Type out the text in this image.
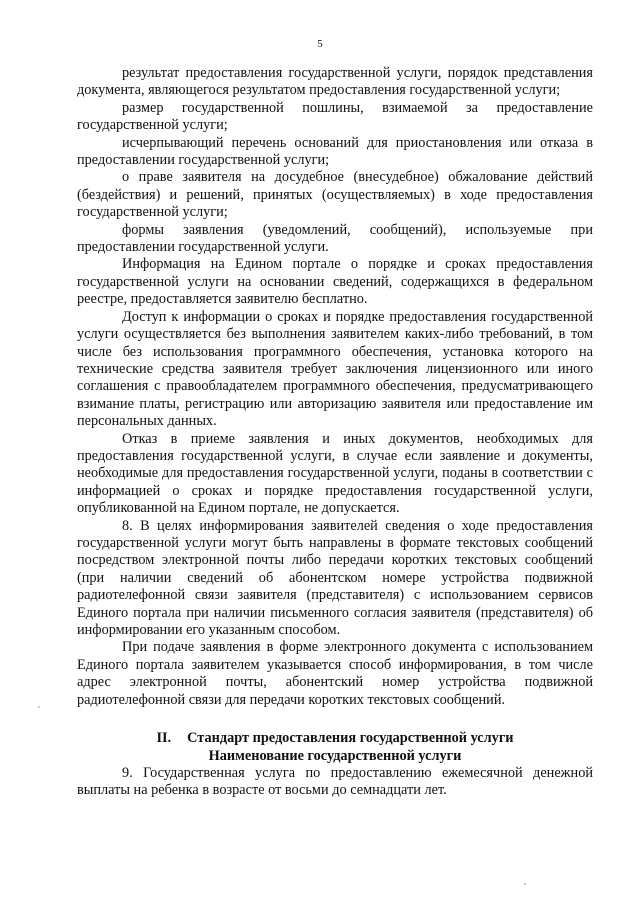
5

результат предоставления государственной услуги, порядок представления документа, являющегося результатом предоставления государственной услуги;

размер государственной пошлины, взимаемой за предоставление государственной услуги;

исчерпывающий перечень оснований для приостановления или отказа в предоставлении государственной услуги;

о праве заявителя на досудебное (внесудебное) обжалование действий (бездействия) и решений, принятых (осуществляемых) в ходе предоставления государственной услуги;

формы заявления (уведомлений, сообщений), используемые при предоставлении государственной услуги.

Информация на Едином портале о порядке и сроках предоставления государственной услуги на основании сведений, содержащихся в федеральном реестре, предоставляется заявителю бесплатно.

Доступ к информации о сроках и порядке предоставления государственной услуги осуществляется без выполнения заявителем каких-либо требований, в том числе без использования программного обеспечения, установка которого на технические средства заявителя требует заключения лицензионного или иного соглашения с правообладателем программного обеспечения, предусматривающего взимание платы, регистрацию или авторизацию заявителя или предоставление им персональных данных.

Отказ в приеме заявления и иных документов, необходимых для предоставления государственной услуги, в случае если заявление и документы, необходимые для предоставления государственной услуги, поданы в соответствии с информацией о сроках и порядке предоставления государственной услуги, опубликованной на Едином портале, не допускается.

8. В целях информирования заявителей сведения о ходе предоставления государственной услуги могут быть направлены в формате текстовых сообщений посредством электронной почты либо передачи коротких текстовых сообщений (при наличии сведений об абонентском номере устройства подвижной радиотелефонной связи заявителя (представителя) с использованием сервисов Единого портала при наличии письменного согласия заявителя (представителя) об информировании его указанным способом.

При подаче заявления в форме электронного документа с использованием Единого портала заявителем указывается способ информирования, в том числе адрес электронной почты, абонентский номер устройства подвижной радиотелефонной связи для передачи коротких текстовых сообщений.

II. Стандарт предоставления государственной услуги

Наименование государственной услуги

9. Государственная услуга по предоставлению ежемесячной денежной выплаты на ребенка в возрасте от восьми до семнадцати лет.
